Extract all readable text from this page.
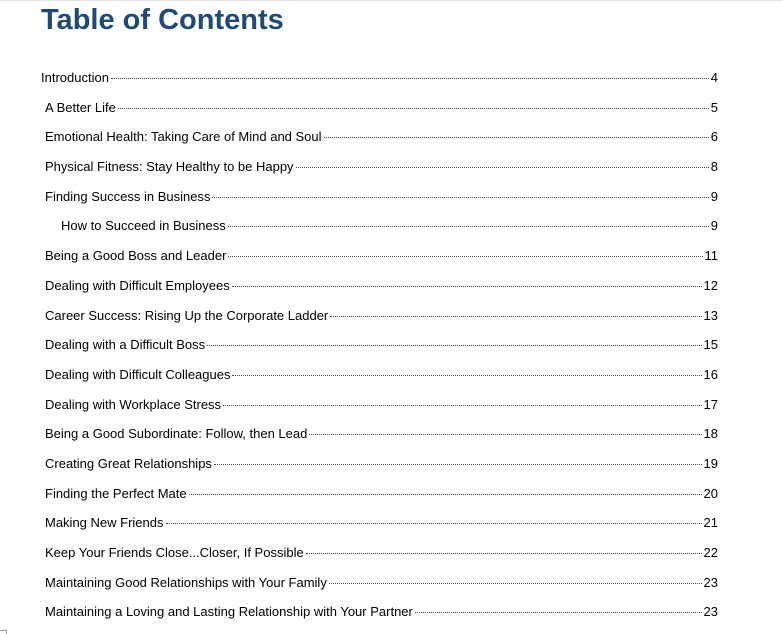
Table of Contents
Introduction	4
A Better Life	5
Emotional Health: Taking Care of Mind and Soul	6
Physical Fitness: Stay Healthy to be Happy	8
Finding Success in Business	9
How to Succeed in Business	9
Being a Good Boss and Leader	11
Dealing with Difficult Employees	12
Career Success: Rising Up the Corporate Ladder	13
Dealing with a Difficult Boss	15
Dealing with Difficult Colleagues	16
Dealing with Workplace Stress	17
Being a Good Subordinate: Follow, then Lead	18
Creating Great Relationships	19
Finding the Perfect Mate	20
Making New Friends	21
Keep Your Friends Close...Closer, If Possible	22
Maintaining Good Relationships with Your Family	23
Maintaining a Loving and Lasting Relationship with Your Partner	23
